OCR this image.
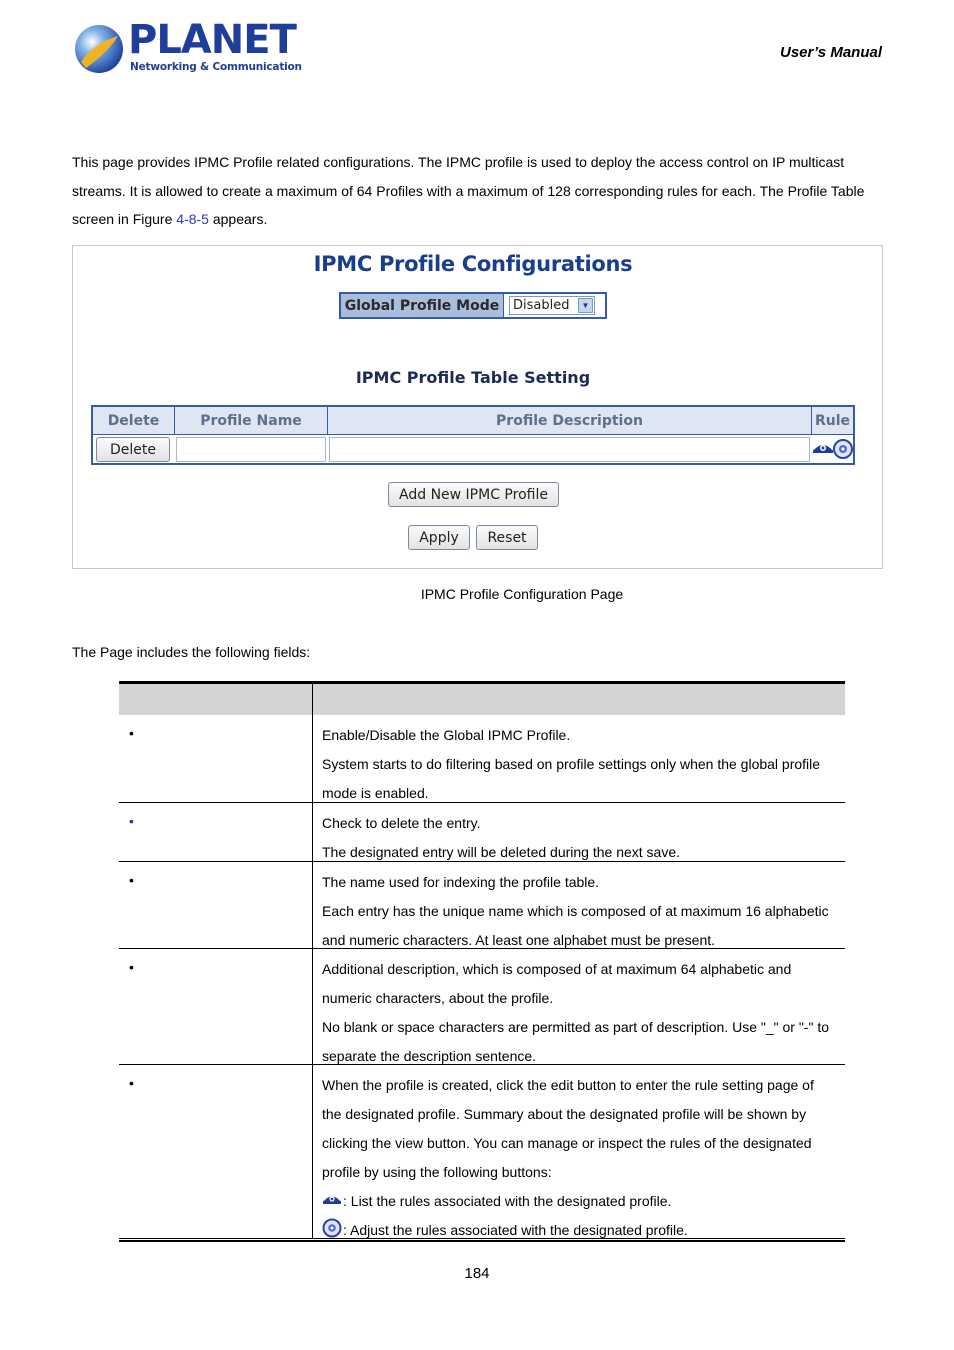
PLANET
Networking & Communication
User’s Manual
This page provides IPMC Profile related configurations. The IPMC profile is used to deploy the access control on IP multicast streams. It is allowed to create a maximum of 64 Profiles with a maximum of 128 corresponding rules for each. The Profile Table screen in Figure 4-8-5 appears.
IPMC Profile Configurations
Global Profile Mode	Disabled	▼
IPMC Profile Table Setting
Delete	Profile Name	Profile Description	Rule
Delete
Add New IPMC Profile
Apply	Reset
IPMC Profile Configuration Page
The Page includes the following fields:
•	Enable/Disable the Global IPMC Profile.

System starts to do filtering based on profile settings only when the global profile mode is enabled.

•	Check to delete the entry.

The designated entry will be deleted during the next save.

•	The name used for indexing the profile table.

Each entry has the unique name which is composed of at maximum 16 alphabetic and numeric characters. At least one alphabet must be present.

•	Additional description, which is composed of at maximum 64 alphabetic and numeric characters, about the profile.

No blank or space characters are permitted as part of description. Use "_" or "-" to separate the description sentence.

•	When the profile is created, click the edit button to enter the rule setting page of the designated profile. Summary about the designated profile will be shown by clicking the view button. You can manage or inspect the rules of the designated profile by using the following buttons:

: List the rules associated with the designated profile.

: Adjust the rules associated with the designated profile.

184
